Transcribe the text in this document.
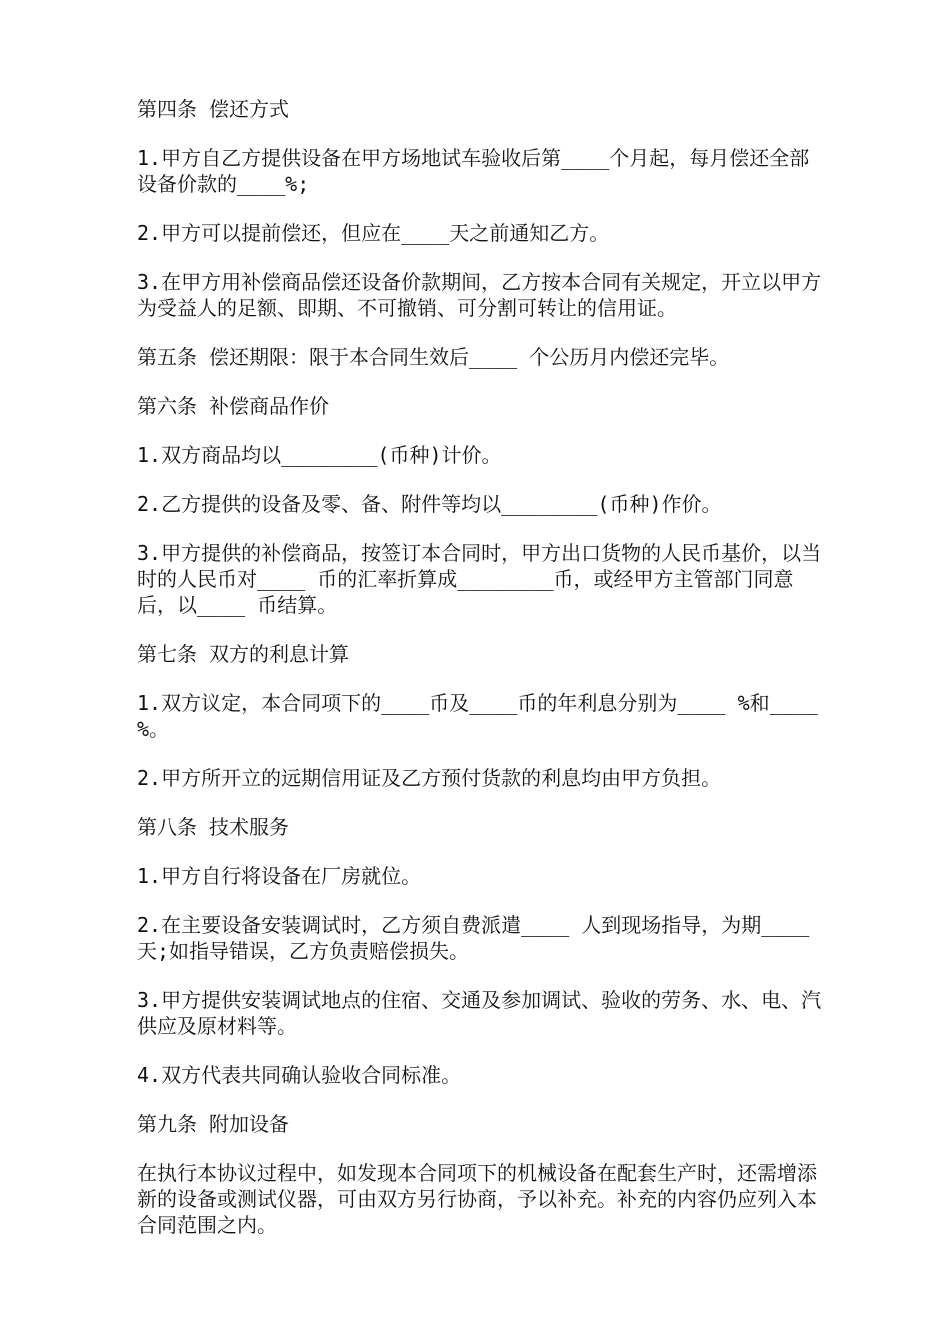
第四条 偿还方式

1.甲方自乙方提供设备在甲方场地试车验收后第____个月起，每月偿还全部设备价款的____%;

2.甲方可以提前偿还，但应在____天之前通知乙方。

3.在甲方用补偿商品偿还设备价款期间，乙方按本合同有关规定，开立以甲方为受益人的足额、即期、不可撤销、可分割可转让的信用证。

第五条 偿还期限：限于本合同生效后____ 个公历月内偿还完毕。

第六条 补偿商品作价

1.双方商品均以________(币种)计价。

2.乙方提供的设备及零、备、附件等均以________(币种)作价。

3.甲方提供的补偿商品，按签订本合同时，甲方出口货物的人民币基价，以当时的人民币对____ 币的汇率折算成________币，或经甲方主管部门同意后，以____ 币结算。

第七条 双方的利息计算

1.双方议定，本合同项下的____币及____币的年利息分别为____ %和____ %。

2.甲方所开立的远期信用证及乙方预付货款的利息均由甲方负担。

第八条 技术服务

1.甲方自行将设备在厂房就位。

2.在主要设备安装调试时，乙方须自费派遣____ 人到现场指导，为期____天;如指导错误，乙方负责赔偿损失。

3.甲方提供安装调试地点的住宿、交通及参加调试、验收的劳务、水、电、汽供应及原材料等。

4.双方代表共同确认验收合同标准。

第九条 附加设备

在执行本协议过程中，如发现本合同项下的机械设备在配套生产时，还需增添新的设备或测试仪器，可由双方另行协商，予以补充。补充的内容仍应列入本合同范围之内。
